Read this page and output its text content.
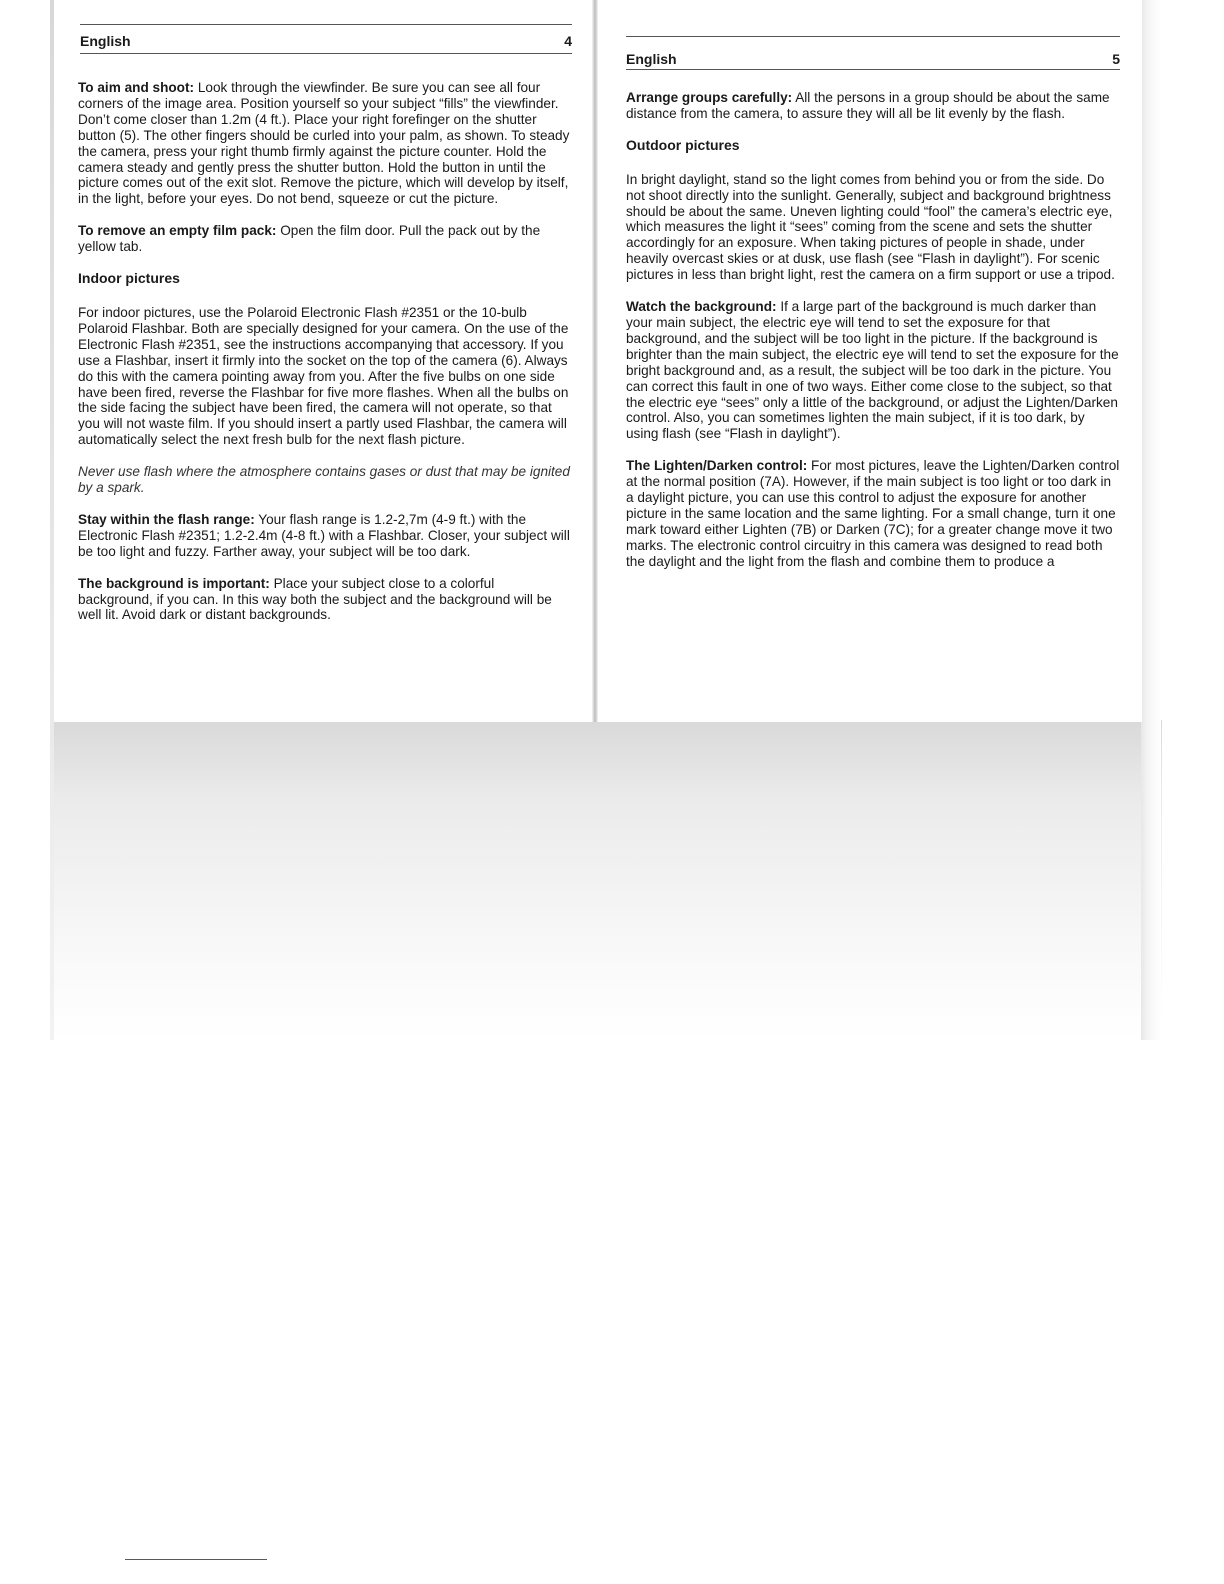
English	4

To aim and shoot: Look through the viewfinder. Be sure you can see all four corners of the image area. Position yourself so your subject “fills” the viewfinder. Don’t come closer than 1.2m (4 ft.). Place your right forefinger on the shutter button (5). The other fingers should be curled into your palm, as shown. To steady the camera, press your right thumb firmly against the picture counter. Hold the camera steady and gently press the shutter button. Hold the button in until the picture comes out of the exit slot. Remove the picture, which will develop by itself, in the light, before your eyes. Do not bend, squeeze or cut the picture.

To remove an empty film pack: Open the film door. Pull the pack out by the yellow tab.

Indoor pictures

For indoor pictures, use the Polaroid Electronic Flash #2351 or the 10-bulb Polaroid Flashbar. Both are specially designed for your camera. On the use of the Electronic Flash #2351, see the instructions accompanying that accessory. If you use a Flashbar, insert it firmly into the socket on the top of the camera (6). Always do this with the camera pointing away from you. After the five bulbs on one side have been fired, reverse the Flashbar for five more flashes. When all the bulbs on the side facing the subject have been fired, the camera will not operate, so that you will not waste film. If you should insert a partly used Flashbar, the camera will automatically select the next fresh bulb for the next flash picture.

Never use flash where the atmosphere contains gases or dust that may be ignited by a spark.

Stay within the flash range: Your flash range is 1.2-2,7m (4-9 ft.) with the Electronic Flash #2351; 1.2-2.4m (4-8 ft.) with a Flashbar. Closer, your subject will be too light and fuzzy. Farther away, your subject will be too dark.

The background is important: Place your subject close to a colorful background, if you can. In this way both the subject and the background will be well lit. Avoid dark or distant backgrounds.

English	5

Arrange groups carefully: All the persons in a group should be about the same distance from the camera, to assure they will all be lit evenly by the flash.

Outdoor pictures

In bright daylight, stand so the light comes from behind you or from the side. Do not shoot directly into the sunlight. Generally, subject and background brightness should be about the same. Uneven lighting could “fool” the camera’s electric eye, which measures the light it “sees” coming from the scene and sets the shutter accordingly for an exposure. When taking pictures of people in shade, under heavily overcast skies or at dusk, use flash (see “Flash in daylight”). For scenic pictures in less than bright light, rest the camera on a firm support or use a tripod.

Watch the background: If a large part of the background is much darker than your main subject, the electric eye will tend to set the exposure for that background, and the subject will be too light in the picture. If the background is brighter than the main subject, the electric eye will tend to set the exposure for the bright background and, as a result, the subject will be too dark in the picture. You can correct this fault in one of two ways. Either come close to the subject, so that the electric eye “sees” only a little of the background, or adjust the Lighten/Darken control. Also, you can sometimes lighten the main subject, if it is too dark, by using flash (see “Flash in daylight”).

The Lighten/Darken control: For most pictures, leave the Lighten/Darken control at the normal position (7A). However, if the main subject is too light or too dark in a daylight picture, you can use this control to adjust the exposure for another picture in the same location and the same lighting. For a small change, turn it one mark toward either Lighten (7B) or Darken (7C); for a greater change move it two marks. The electronic control circuitry in this camera was designed to read both the daylight and the light from the flash and combine them to produce a
